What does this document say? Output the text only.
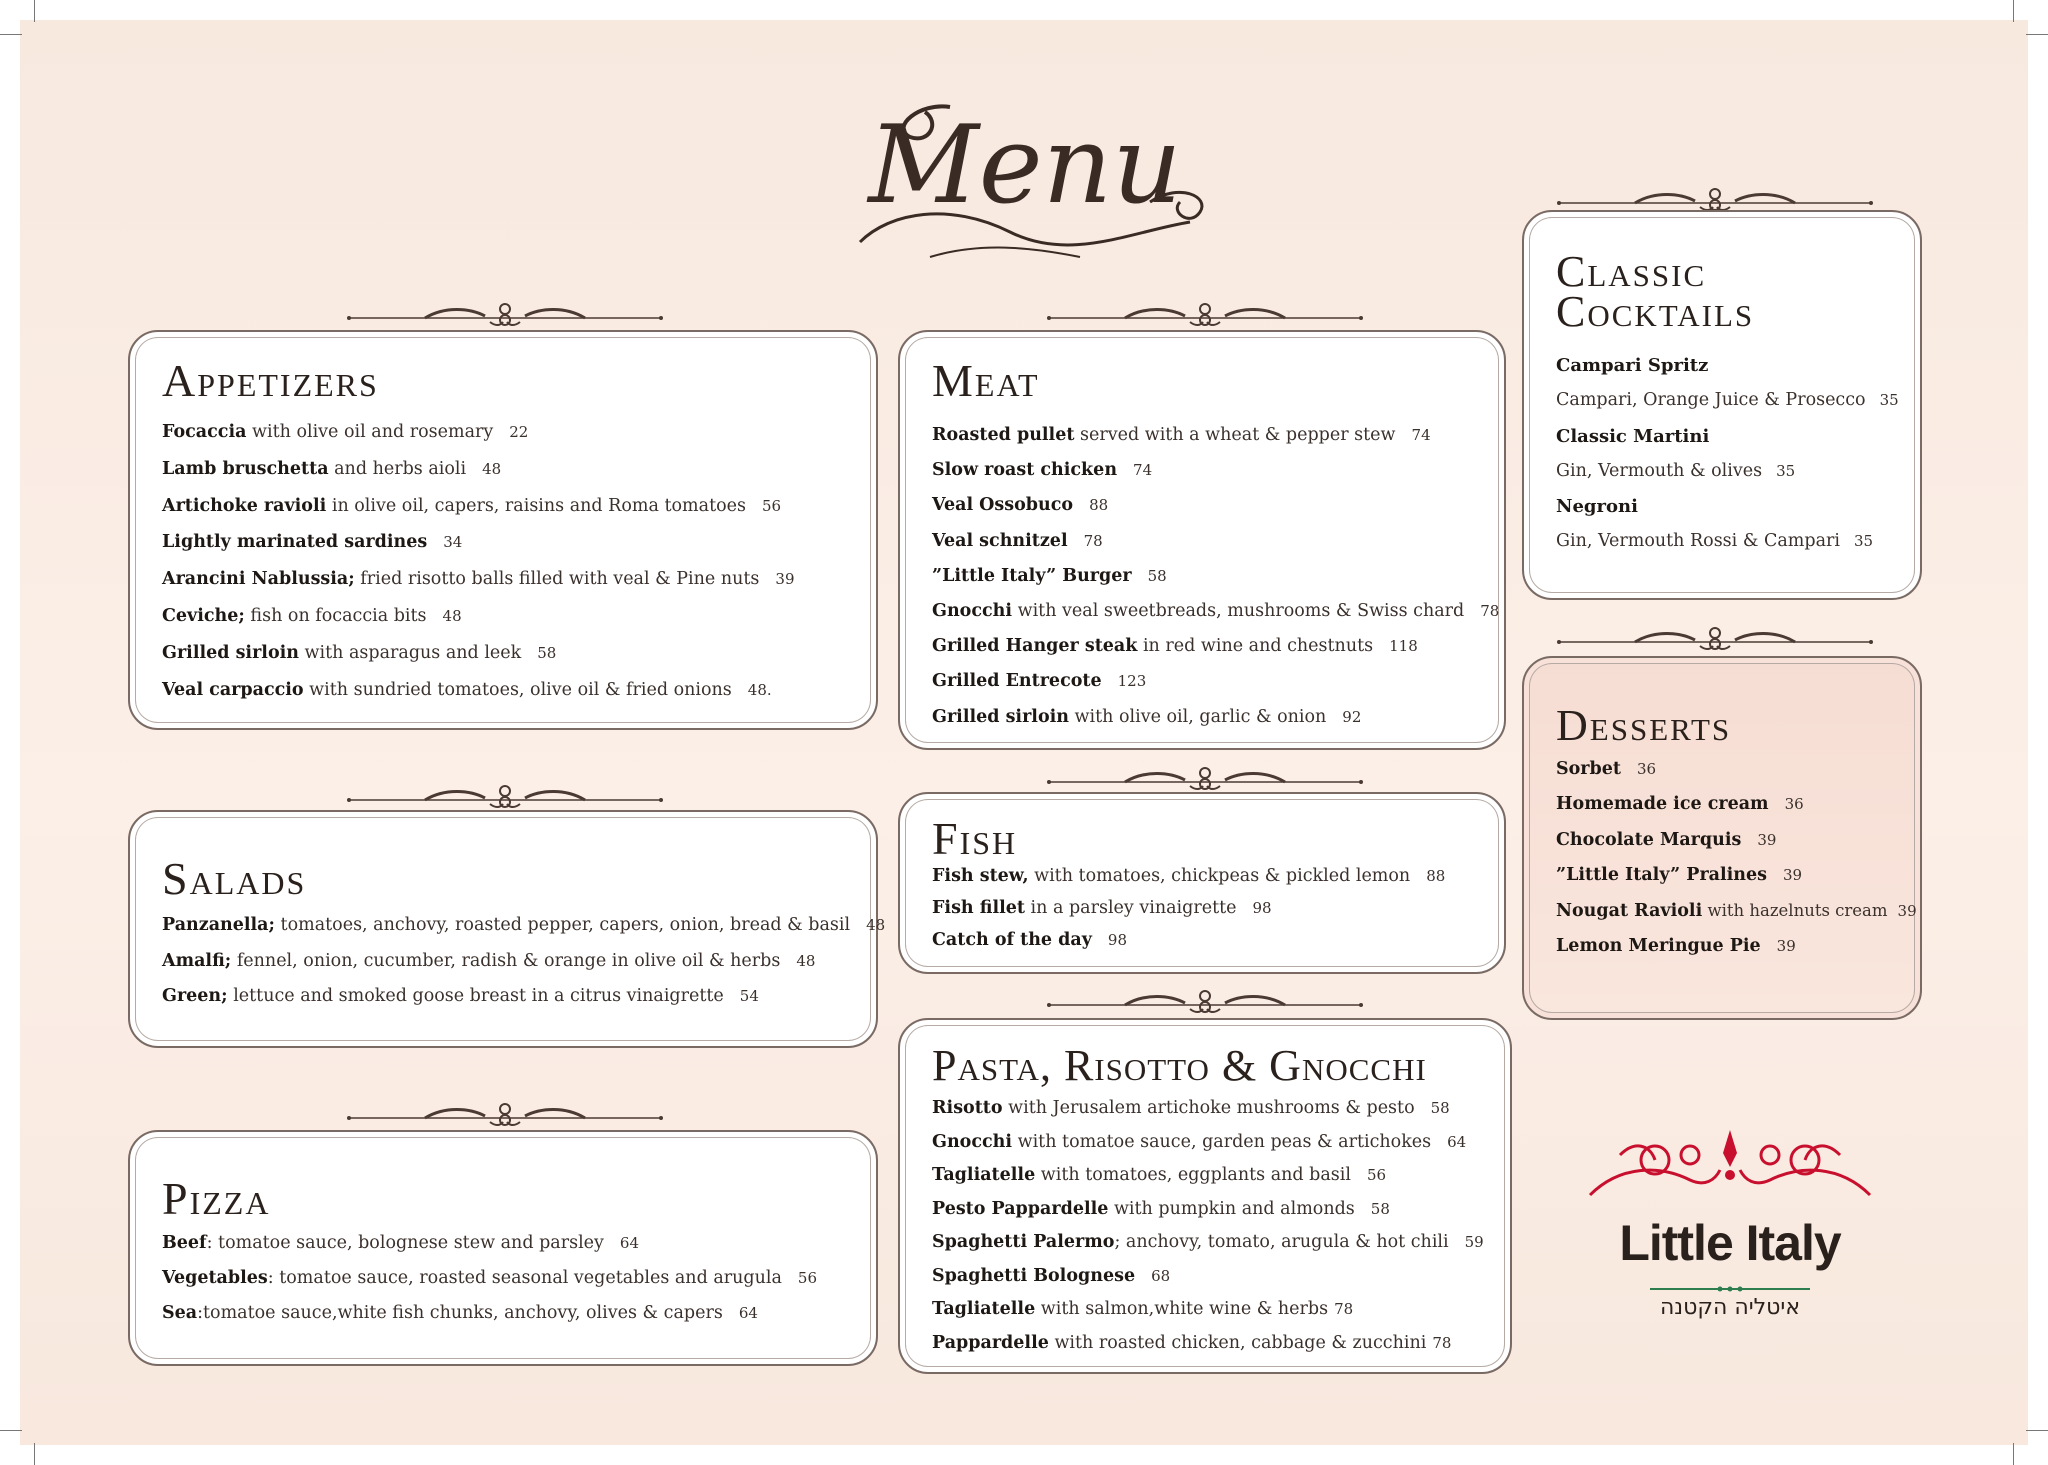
Menu
Appetizers
Focaccia with olive oil and rosemary 22
Lamb bruschetta and herbs aioli 48
Artichoke ravioli in olive oil, capers, raisins and Roma tomatoes 56
Lightly marinated sardines 34
Arancini Nablussia; fried risotto balls filled with veal & Pine nuts 39
Ceviche; fish on focaccia bits 48
Grilled sirloin with asparagus and leek 58
Veal carpaccio with sundried tomatoes, olive oil & fried onions 48.
Salads
Panzanella; tomatoes, anchovy, roasted pepper, capers, onion, bread & basil 48
Amalfi; fennel, onion, cucumber, radish & orange in olive oil & herbs 48
Green; lettuce and smoked goose breast in a citrus vinaigrette 54
Pizza
Beef: tomatoe sauce, bolognese stew and parsley 64
Vegetables: tomatoe sauce, roasted seasonal vegetables and arugula 56
Sea:tomatoe sauce,white fish chunks, anchovy, olives & capers 64
Meat
Roasted pullet served with a wheat & pepper stew 74
Slow roast chicken 74
Veal Ossobuco 88
Veal schnitzel 78
”Little Italy” Burger 58
Gnocchi with veal sweetbreads, mushrooms & Swiss chard 78
Grilled Hanger steak in red wine and chestnuts 118
Grilled Entrecote 123
Grilled sirloin with olive oil, garlic & onion 92
Fish
Fish stew, with tomatoes, chickpeas & pickled lemon 88
Fish fillet in a parsley vinaigrette 98
Catch of the day 98
Pasta, Risotto & Gnocchi
Risotto with Jerusalem artichoke mushrooms & pesto 58
Gnocchi with tomatoe sauce, garden peas & artichokes 64
Tagliatelle with tomatoes, eggplants and basil 56
Pesto Pappardelle with pumpkin and almonds 58
Spaghetti Palermo; anchovy, tomato, arugula & hot chili 59
Spaghetti Bolognese 68
Tagliatelle with salmon,white wine & herbs 78
Pappardelle with roasted chicken, cabbage & zucchini 78
Classic
Cocktails
Campari Spritz
Campari, Orange Juice & Prosecco 35
Classic Martini
Gin, Vermouth & olives 35
Negroni
Gin, Vermouth Rossi & Campari 35
Desserts
Sorbet 36
Homemade ice cream 36
Chocolate Marquis 39
”Little Italy” Pralines 39
Nougat Ravioli with hazelnuts cream 39
Lemon Meringue Pie 39
Little Italy
איטליה הקטנה
